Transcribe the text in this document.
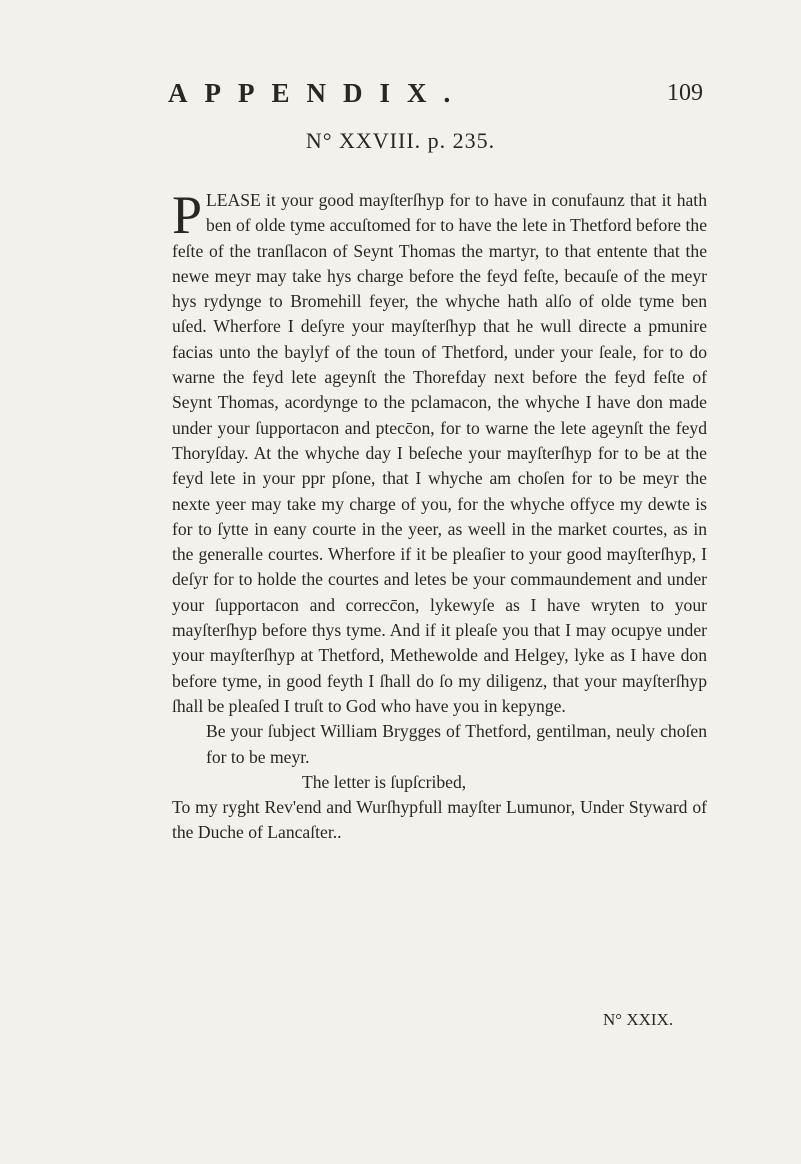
APPENDIX.	109
N° XXVIII. p. 235.

PLEASE it your good mayſterſhyp for to have in conufaunz that it hath ben of olde tyme accuſtomed for to have the lete in Thetford before the feſte of the tranſlacon of Seynt Thomas the martyr, to that entente that the newe meyr may take hys charge before the feyd feſte, becauſe of the meyr hys rydynge to Bromehill feyer, the whyche hath alſo of olde tyme ben uſed. Wherfore I deſyre your mayſterſhyp that he wull directe a pmunire facias unto the baylyf of the toun of Thetford, under your ſeale, for to do warne the feyd lete ageynſt the Thorefday next before the feyd feſte of Seynt Thomas, acordynge to the pclamacon, the whyche I have don made under your ſupportacon and ptecc̄on, for to warne the lete ageynſt the feyd Thoryſday. At the whyche day I beſeche your mayſterſhyp for to be at the feyd lete in your ppr pſone, that I whyche am choſen for to be meyr the nexte yeer may take my charge of you, for the whyche offyce my dewte is for to ſytte in eany courte in the yeer, as weell in the market courtes, as in the generalle courtes. Wherfore if it be pleaſier to your good mayſterſhyp, I deſyr for to holde the courtes and letes be your commaundement and under your ſupportacon and correcc̄on, lykewyſe as I have wryten to your mayſterſhyp before thys tyme. And if it pleaſe you that I may ocupye under your mayſterſhyp at Thetford, Methewolde and Helgey, lyke as I have don before tyme, in good feyth I ſhall do ſo my diligenz, that your mayſterſhyp ſhall be pleaſed I truſt to God who have you in kepynge.

Be your ſubject William Brygges of Thetford, gentilman, neuly choſen for to be meyr.

The letter is ſupſcribed,

To my ryght Rev'end and Wurſhypfull mayſter Lumunor, Under Styward of the Duche of Lancaſter..

N° XXIX.
